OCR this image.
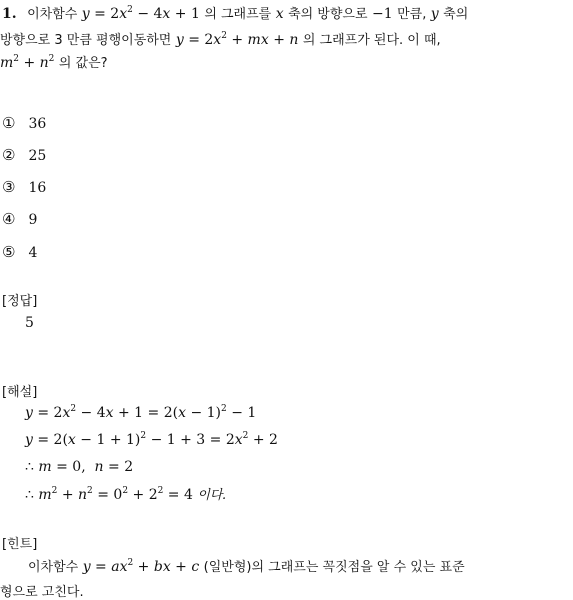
1. 이차함수 $y = 2x^2 - 4x + 1$ 의 그래프를 x 축의 방향으로 −1 만큼, y 축의
방향으로 3 만큼 평행이동하면 $y = 2x^2$ + mx + n 의 그래프가 된다. 이 때,
$m^2 + n^2$ 의 값은?
① 36
② 25
③ 16
④ 9
⑤ 4
[정답]
5
[해설]
$y = 2x^2 - 4x + 1 = 2(x - 1)^2 - 1$
$y = 2(x - 1 + 1)^2 - 1 + 3 = 2x^2 + 2$
∴ m = 0,  n = 2
∴ $m^2 + n^2 = 0^2 + 2^2 = 4$ 이다.
[힌트]
이차함수 $y = ax^2$ + bx + c (일반형)의 그래프는 꼭짓점을 알 수 있는 표준
형으로 고친다.
